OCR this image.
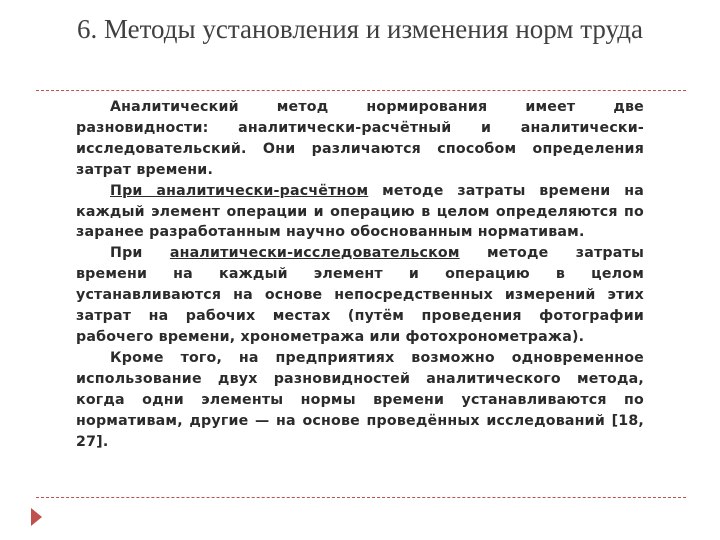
6. Методы установления и изменения норм труда

Аналитический метод нормирования имеет две разновидности: аналитически-расчётный и аналитически-исследовательский. Они различаются способом определения затрат времени.

При аналитически-расчётном методе затраты времени на каждый элемент операции и операцию в целом определяются по заранее разработанным научно обоснованным нормативам.

При аналитически-исследовательском методе затраты времени на каждый элемент и операцию в целом устанавливаются на основе непосредственных измерений этих затрат на рабочих местах (путём проведения фотографии рабочего времени, хронометража или фотохронометража).

Кроме того, на предприятиях возможно одновременное использование двух разновидностей аналитического метода, когда одни элементы нормы времени устанавливаются по нормативам, другие — на основе проведённых исследований [18, 27].
